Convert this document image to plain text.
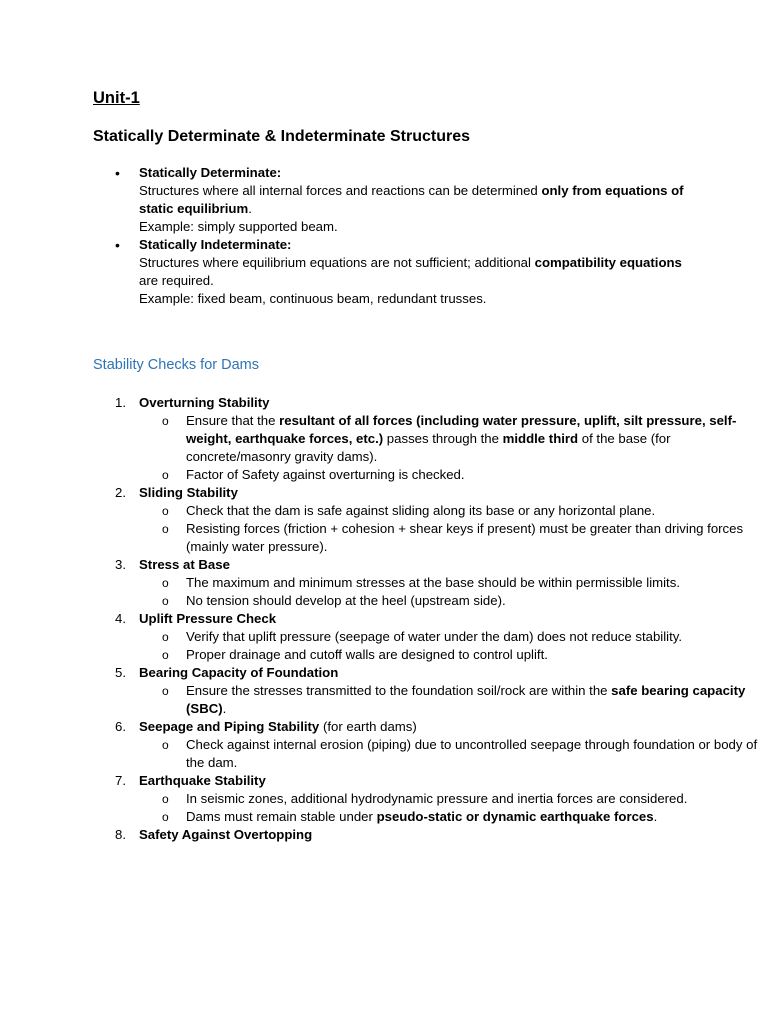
Unit-1
Statically Determinate & Indeterminate Structures
• Statically Determinate:
Structures where all internal forces and reactions can be determined only from equations of static equilibrium.
Example: simply supported beam.
• Statically Indeterminate:
Structures where equilibrium equations are not sufficient; additional compatibility equations are required.
Example: fixed beam, continuous beam, redundant trusses.
Stability Checks for Dams
1. Overturning Stability
o Ensure that the resultant of all forces (including water pressure, uplift, silt pressure, self-weight, earthquake forces, etc.) passes through the middle third of the base (for concrete/masonry gravity dams).
o Factor of Safety against overturning is checked.
2. Sliding Stability
o Check that the dam is safe against sliding along its base or any horizontal plane.
o Resisting forces (friction + cohesion + shear keys if present) must be greater than driving forces (mainly water pressure).
3. Stress at Base
o The maximum and minimum stresses at the base should be within permissible limits.
o No tension should develop at the heel (upstream side).
4. Uplift Pressure Check
o Verify that uplift pressure (seepage of water under the dam) does not reduce stability.
o Proper drainage and cutoff walls are designed to control uplift.
5. Bearing Capacity of Foundation
o Ensure the stresses transmitted to the foundation soil/rock are within the safe bearing capacity (SBC).
6. Seepage and Piping Stability (for earth dams)
o Check against internal erosion (piping) due to uncontrolled seepage through foundation or body of the dam.
7. Earthquake Stability
o In seismic zones, additional hydrodynamic pressure and inertia forces are considered.
o Dams must remain stable under pseudo-static or dynamic earthquake forces.
8. Safety Against Overtopping
